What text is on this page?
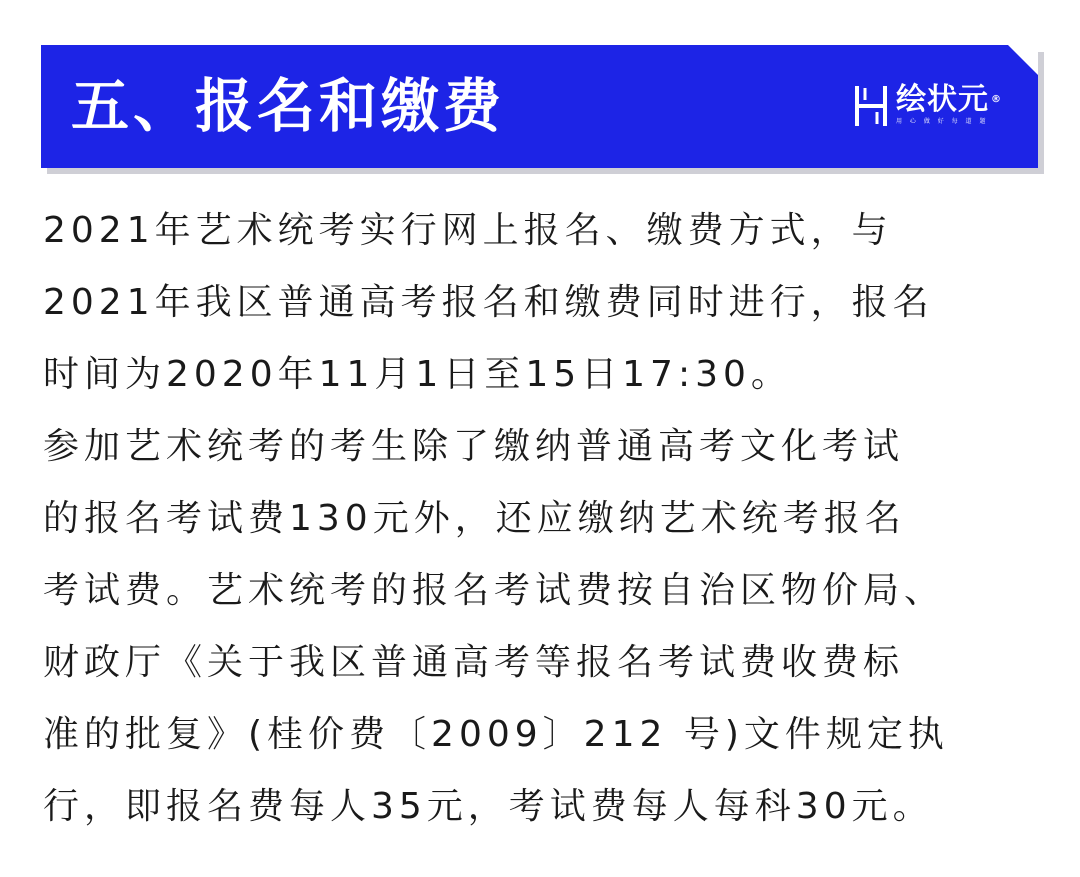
五、报名和缴费	绘状元 ®
用 心 做 好 每 道 题

2021年艺术统考实行网上报名、缴费方式，与

2021年我区普通高考报名和缴费同时进行，报名

时间为2020年11月1日至15日17:30。

参加艺术统考的考生除了缴纳普通高考文化考试

的报名考试费130元外，还应缴纳艺术统考报名

考试费。艺术统考的报名考试费按自治区物价局、

财政厅《关于我区普通高考等报名考试费收费标

准的批复》(桂价费〔2009〕212 号)文件规定执

行，即报名费每人35元，考试费每人每科30元。
